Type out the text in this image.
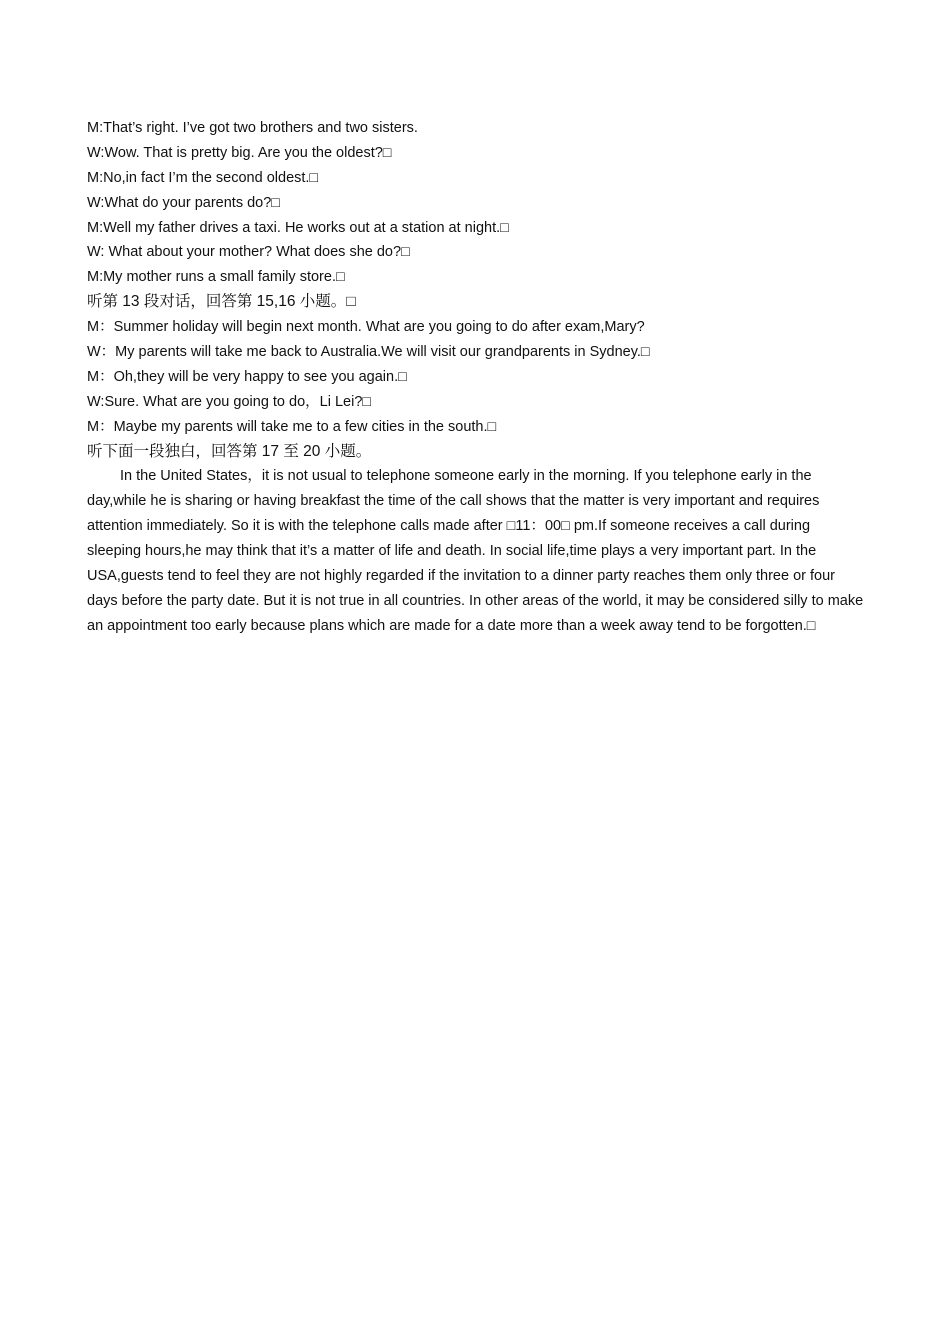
M:That’s right. I’ve got two brothers and two sisters.
W:Wow. That is pretty big. Are you the oldest?□
M:No,in fact I’m the second oldest.□
W:What do your parents do?□
M:Well my father drives a taxi. He works out at a station at night.□
W: What about your mother? What does she do?□
M:My mother runs a small family store.□
听第 13 段对话，回答第 15,16 小题。□
M：Summer holiday will begin next month. What are you going to do after exam,Mary?
W：My parents will take me back to Australia.We will visit our grandparents in Sydney.□
M：Oh,they will be very happy to see you again.□
W:Sure. What are you going to do，Li Lei?□
M：Maybe my parents will take me to a few cities in the south.□
听下面一段独白，回答第 17 至 20 小题。

In the United States，it is not usual to telephone someone early in the morning. If you telephone early in the day,while he is sharing or having breakfast the time of the call shows that the matter is very important and requires attention immediately. So it is with the telephone calls made after □11：00□ pm.If someone receives a call during sleeping hours,he may think that it’s a matter of life and death. In social life,time plays a very important part. In the USA,guests tend to feel they are not highly regarded if the invitation to a dinner party reaches them only three or four days before the party date. But it is not true in all countries. In other areas of the world, it may be considered silly to make an appointment too early because plans which are made for a date more than a week away tend to be forgotten.□
